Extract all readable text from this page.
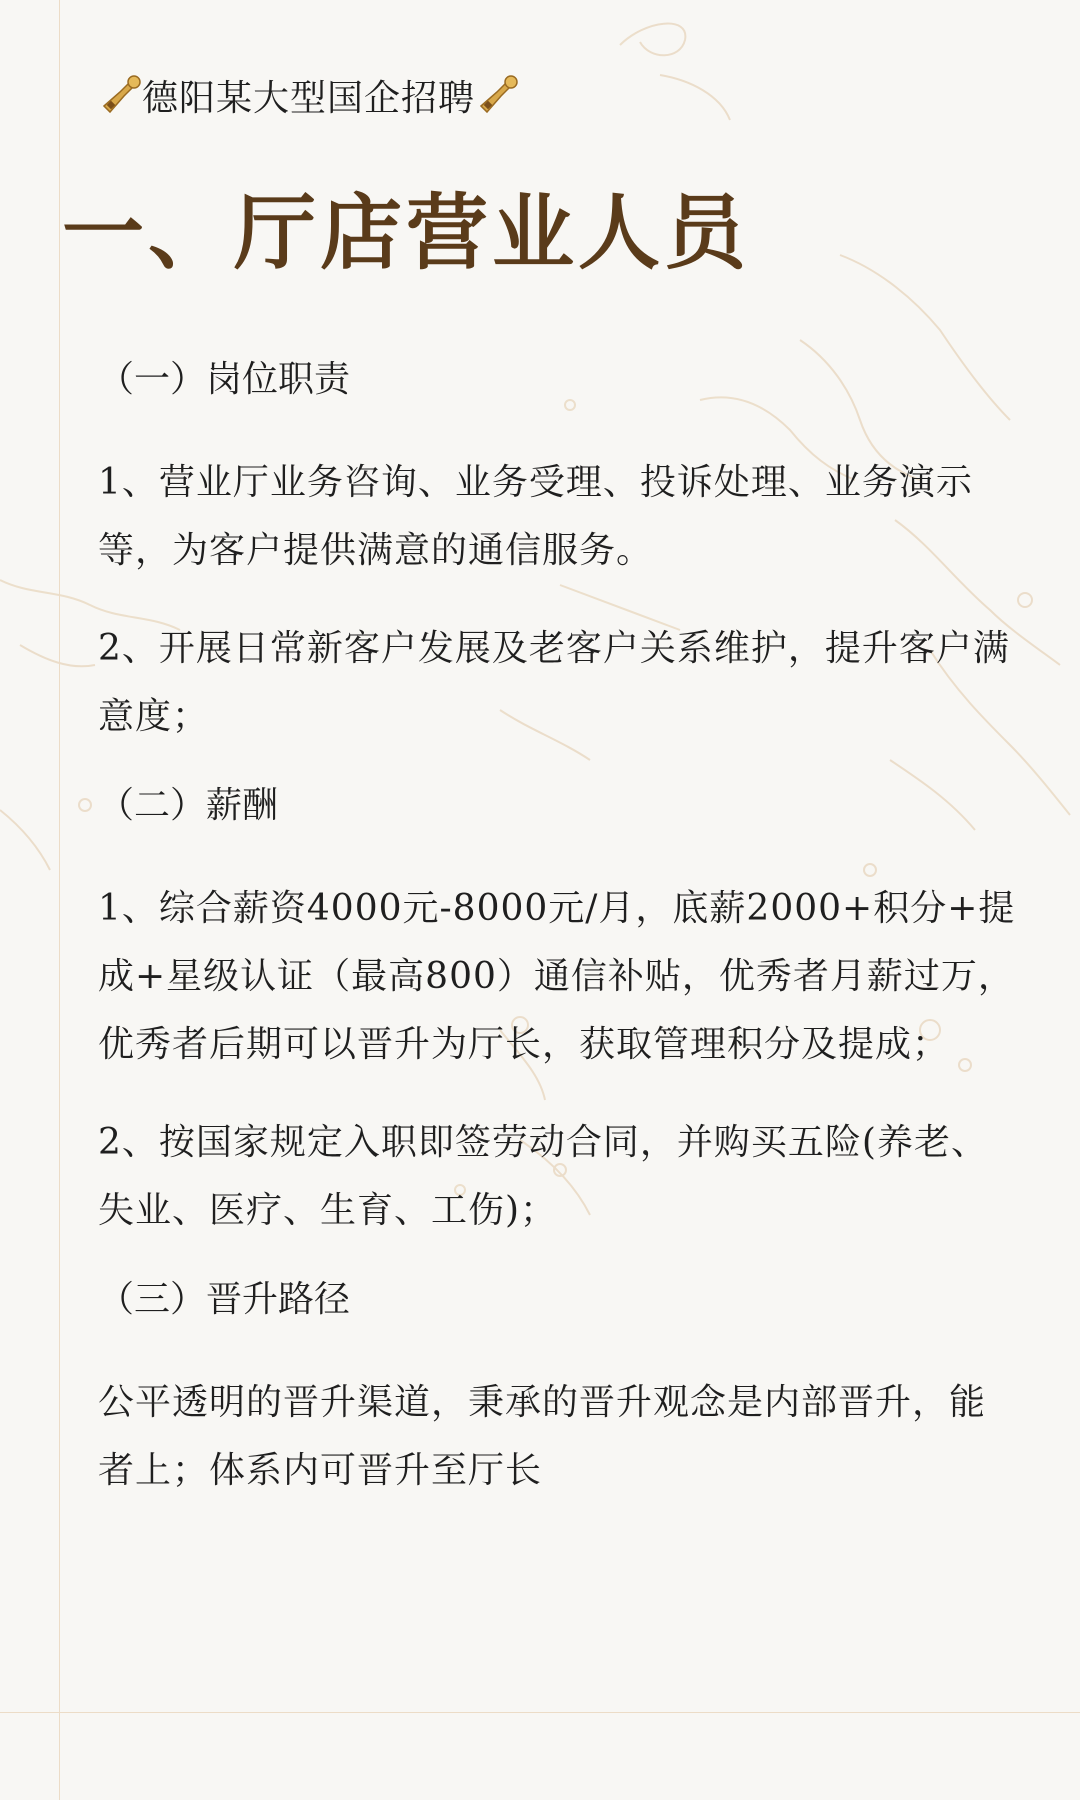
德阳某大型国企招聘
一、厅店营业人员
（一）岗位职责

1、营业厅业务咨询、业务受理、投诉处理、业务演示等，为客户提供满意的通信服务。

2、开展日常新客户发展及老客户关系维护，提升客户满意度；

（二）薪酬

1、综合薪资4000元-8000元/月，底薪2000+积分+提成+星级认证（最高800）通信补贴，优秀者月薪过万，优秀者后期可以晋升为厅长，获取管理积分及提成；

2、按国家规定入职即签劳动合同，并购买五险(养老、失业、医疗、生育、工伤)；

（三）晋升路径

公平透明的晋升渠道，秉承的晋升观念是内部晋升，能者上；体系内可晋升至厅长
